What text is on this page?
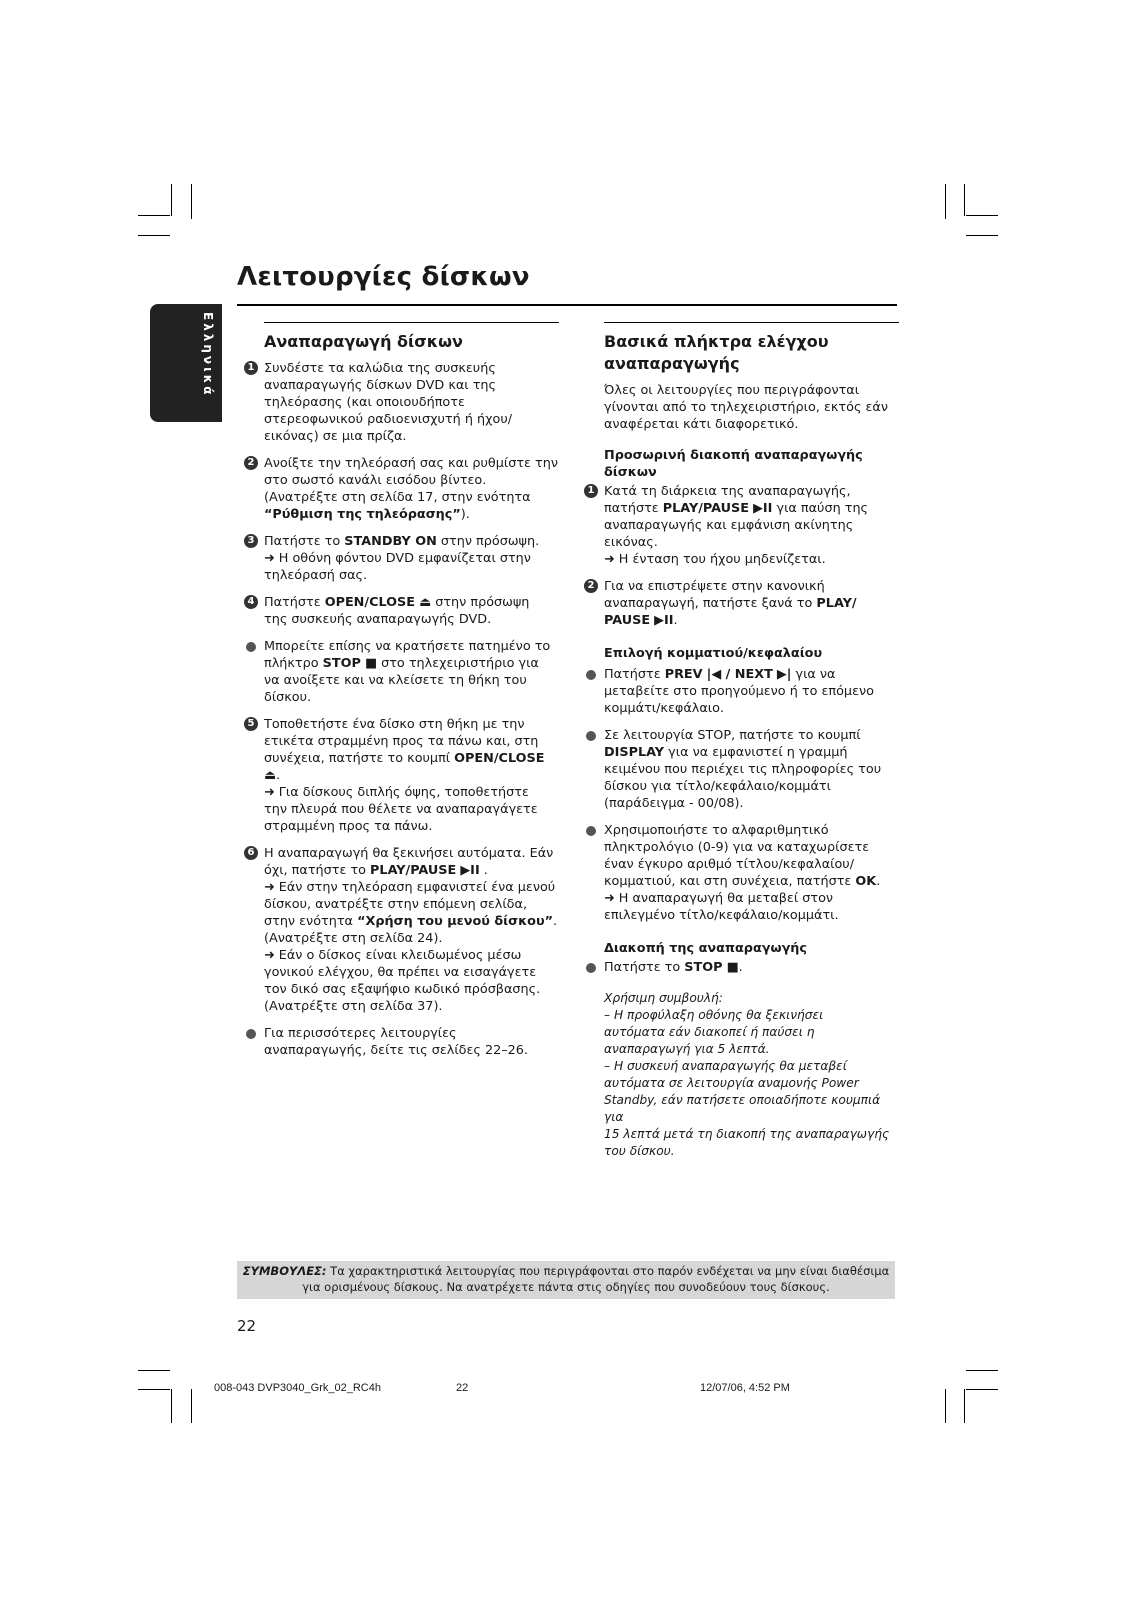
Λειτουργίες δίσκων
Ελληνικά	Αναπαραγωγή δίσκων
1 Συνδέστε τα καλώδια της συσκευής
αναπαραγωγής δίσκων DVD και της
τηλεόρασης (και οποιουδήποτε
στερεοφωνικού ραδιοενισχυτή ή ήχου/
εικόνας) σε μια πρίζα.
2 Ανοίξτε την τηλεόρασή σας και ρυθμίστε την
στο σωστό κανάλι εισόδου βίντεο.
(Ανατρέξτε στη σελίδα 17, στην ενότητα
“Ρύθμιση της τηλεόρασης”).
3 Πατήστε το STANDBY ON στην πρόσωψη.
➜ Η οθόνη φόντου DVD εμφανίζεται στην
τηλεόρασή σας.
4 Πατήστε OPEN/CLOSE ⏏ στην πρόσωψη
της συσκευής αναπαραγωγής DVD.
Μπορείτε επίσης να κρατήσετε πατημένο το
πλήκτρο STOP ■ στο τηλεχειριστήριο για
να ανοίξετε και να κλείσετε τη θήκη του
δίσκου.
5 Τοποθετήστε ένα δίσκο στη θήκη με την
ετικέτα στραμμένη προς τα πάνω και, στη
συνέχεια, πατήστε το κουμπί OPEN/CLOSE
⏏.
➜ Για δίσκους διπλής όψης, τοποθετήστε
την πλευρά που θέλετε να αναπαραγάγετε
στραμμένη προς τα πάνω.
6 Η αναπαραγωγή θα ξεκινήσει αυτόματα. Εάν
όχι, πατήστε το PLAY/PAUSE ▶II .
➜ Εάν στην τηλεόραση εμφανιστεί ένα μενού
δίσκου, ανατρέξτε στην επόμενη σελίδα,
στην ενότητα “Χρήση του μενού δίσκου”.
(Ανατρέξτε στη σελίδα 24).
➜ Εάν ο δίσκος είναι κλειδωμένος μέσω
γονικού ελέγχου, θα πρέπει να εισαγάγετε
τον δικό σας εξαψήφιο κωδικό πρόσβασης.
(Ανατρέξτε στη σελίδα 37).
Για περισσότερες λειτουργίες
αναπαραγωγής, δείτε τις σελίδες 22–26.
Βασικά πλήκτρα ελέγχου
αναπαραγωγής
Όλες οι λειτουργίες που περιγράφονται
γίνονται από το τηλεχειριστήριο, εκτός εάν
αναφέρεται κάτι διαφορετικό.
Προσωρινή διακοπή αναπαραγωγής
δίσκων
1 Κατά τη διάρκεια της αναπαραγωγής,
πατήστε PLAY/PAUSE ▶II για παύση της
αναπαραγωγής και εμφάνιση ακίνητης
εικόνας.
➜ Η ένταση του ήχου μηδενίζεται.
2 Για να επιστρέψετε στην κανονική
αναπαραγωγή, πατήστε ξανά το PLAY/
PAUSE ▶II.
Επιλογή κομματιού/κεφαλαίου
Πατήστε PREV |◀ / NEXT ▶| για να
μεταβείτε στο προηγούμενο ή το επόμενο
κομμάτι/κεφάλαιο.
Σε λειτουργία STOP, πατήστε το κουμπί
DISPLAY για να εμφανιστεί η γραμμή
κειμένου που περιέχει τις πληροφορίες του
δίσκου για τίτλο/κεφάλαιο/κομμάτι
(παράδειγμα - 00/08).
Χρησιμοποιήστε το αλφαριθμητικό
πληκτρολόγιο (0-9) για να καταχωρίσετε
έναν έγκυρο αριθμό τίτλου/κεφαλαίου/
κομματιού, και στη συνέχεια, πατήστε OK.
➜ Η αναπαραγωγή θα μεταβεί στον
επιλεγμένο τίτλο/κεφάλαιο/κομμάτι.
Διακοπή της αναπαραγωγής
Πατήστε το STOP ■.
Χρήσιμη συμβουλή:
– Η προφύλαξη οθόνης θα ξεκινήσει
αυτόματα εάν διακοπεί ή παύσει η
αναπαραγωγή για 5 λεπτά.
– Η συσκευή αναπαραγωγής θα μεταβεί
αυτόματα σε λειτουργία αναμονής Power
Standby, εάν πατήσετε οποιαδήποτε κουμπιά για
15 λεπτά μετά τη διακοπή της αναπαραγωγής
του δίσκου.
ΣΥΜΒΟΥΛΕΣ: Τα χαρακτηριστικά λειτουργίας που περιγράφονται στο παρόν ενδέχεται να μην είναι διαθέσιμα
για ορισμένους δίσκους. Να ανατρέχετε πάντα στις οδηγίες που συνοδεύουν τους δίσκους.
22
008-043 DVP3040_Grk_02_RC4h	22	12/07/06, 4:52 PM
